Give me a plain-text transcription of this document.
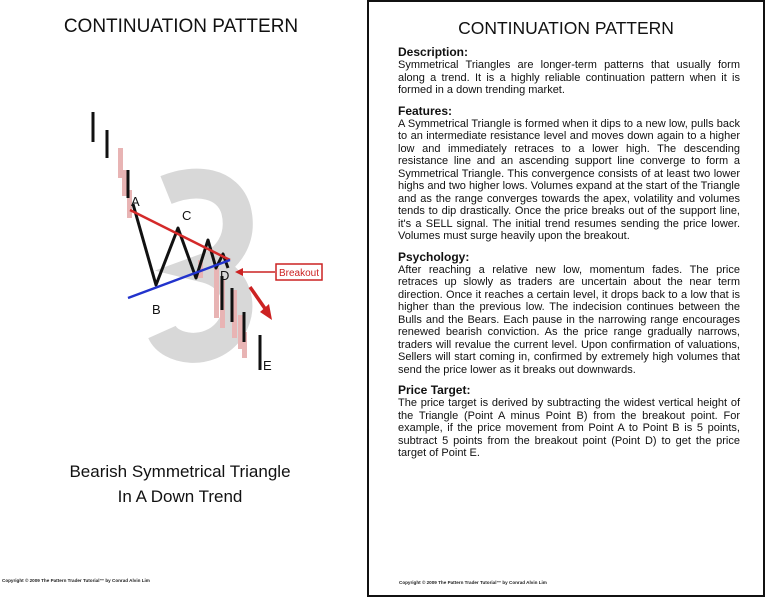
CONTINUATION PATTERN
A
B
C
D
E
Breakout
Bearish Symmetrical Triangle
In A Down Trend
Copyright © 2009 The Pattern Trader Tutorial™ by Conrad Alvin Lim
CONTINUATION PATTERN

Description:

Symmetrical Triangles are longer-term patterns that usually form along a trend. It is a highly reliable continuation pattern when it is formed in a down trending market.

Features:

A Symmetrical Triangle is formed when it dips to a new low, pulls back to an intermediate resistance level and moves down again to a higher low and immediately retraces to a lower high. The descending resistance line and an ascending support line converge to form a Symmetrical Triangle. This convergence consists of at least two lower highs and two higher lows. Volumes expand at the start of the Triangle and as the range converges towards the apex, volatility and volumes tends to dip drastically. Once the price breaks out of the support line, it's a SELL signal. The initial trend resumes sending the price lower. Volumes must surge heavily upon the breakout.

Psychology:

After reaching a relative new low, momentum fades. The price retraces up slowly as traders are uncertain about the near term direction. Once it reaches a certain level, it drops back to a low that is higher than the previous low. The indecision continues between the Bulls and the Bears. Each pause in the narrowing range encourages renewed bearish conviction. As the price range gradually narrows, traders will revalue the current level. Upon confirmation of valuations, Sellers will start coming in, confirmed by extremely high volumes that send the price lower as it breaks out downwards.

Price Target:

The price target is derived by subtracting the widest vertical height of the Triangle (Point A minus Point B) from the breakout point. For example, if the price movement from Point A to Point B is 5 points, subtract 5 points from the breakout point (Point D) to get the price target of Point E.

Copyright © 2009 The Pattern Trader Tutorial™ by Conrad Alvin Lim
